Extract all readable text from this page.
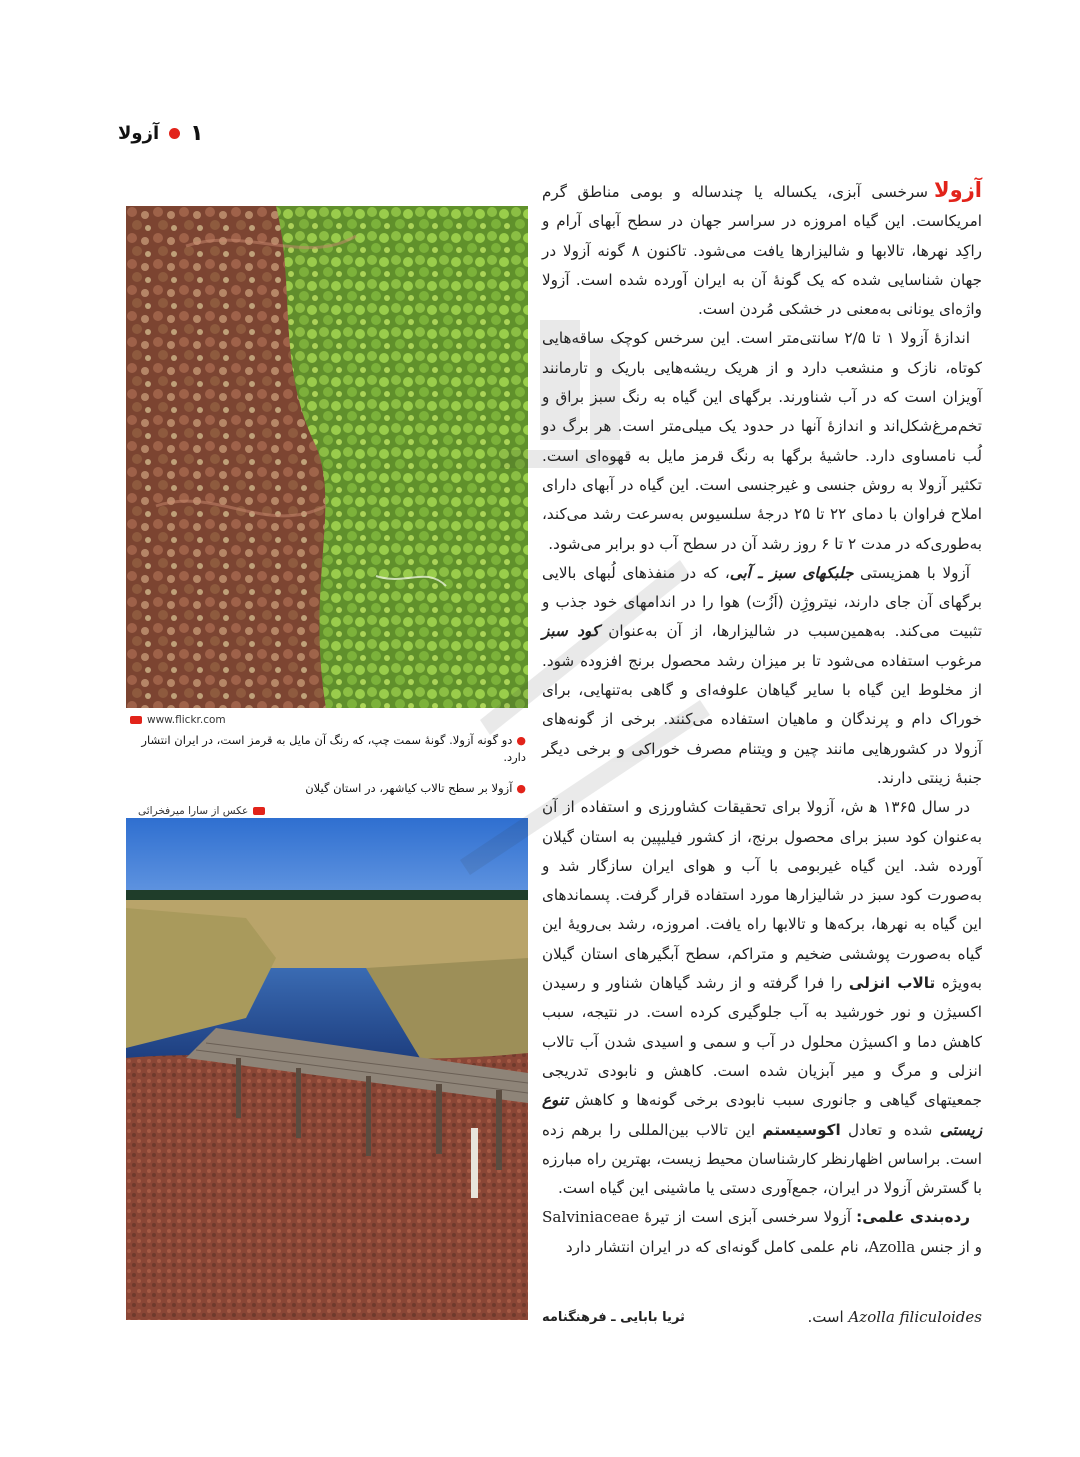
۱
آزولا
www.flickr.com
●دو گونه آزولا. گونهٔ سمت چپ، که رنگ آن مایل به قرمز است، در ایران انتشار دارد.
●آزولا بر سطح تالاب کیاشهر، در استان گیلان
عکس از سارا میرفخرائی

آزولاسرخسی آبزی، یکساله یا چندساله و بومی مناطق گرم امریکاست. این گیاه امروزه در سراسر جهان در سطح آبهای آرام و راکِد نهرها، تالابها و شالیزارها یافت می‌شود. تاکنون ۸ گونه آزولا در جهان شناسایی شده که یک گونهٔ آن به ایران آورده شده است. آزولا واژه‌ای یونانی به‌معنی در خشکی مُردن است.

اندازهٔ آزولا ۱ تا ۲/۵ سانتی‌متر است. این سرخس کوچک ساقه‌هایی کوتاه، نازک و منشعب دارد و از هریک ریشه‌هایی باریک و تارمانند آویزان است که در آب شناورند. برگهای این گیاه به رنگ سبز براق و تخم‌مرغ‌شکل‌اند و اندازهٔ آنها در حدود یک میلی‌متر است. هر برگ دو لُب نامساوی دارد. حاشیهٔ برگها به رنگ قرمز مایل به قهوه‌ای است. تکثیر آزولا به روش جنسی و غیرجنسی است. این گیاه در آبهای دارای املاح فراوان با دمای ۲۲ تا ۲۵ درجهٔ سلسیوس به‌سرعت رشد می‌کند، به‌طوری‌که در مدت ۲ تا ۶ روز رشد آن در سطح آب دو برابر می‌شود.

آزولا با همزیستی جلبکهای سبز ـ آبی، که در منفذهای لُبهای بالایی برگهای آن جای دارند، نیتروژِن (اَزُت) هوا را در اندامهای خود جذب و تثبیت می‌کند. به‌همین‌سبب در شالیزارها، از آن به‌عنوان کود سبز مرغوب استفاده می‌شود تا بر میزان رشد محصول برنج افزوده شود. از مخلوط این گیاه با سایر گیاهان علوفه‌ای و گاهی به‌تنهایی، برای خوراک دام و پرندگان و ماهیان استفاده می‌کنند. برخی از گونه‌های آزولا در کشورهایی مانند چین و ویتنام مصرف خوراکی و برخی دیگر جنبهٔ زینتی دارند.

در سال ۱۳۶۵ ﻫ ش، آزولا برای تحقیقات کشاورزی و استفاده از آن به‌عنوان کود سبز برای محصول برنج، از کشور فیلیپین به استان گیلان آورده شد. این گیاه غیربومی با آب و هوای ایران سازگار شد و به‌صورت کود سبز در شالیزارها مورد استفاده قرار گرفت. پسماندهای این گیاه به نهرها، برکه‌ها و تالابها راه یافت. امروزه، رشد بی‌رویهٔ این گیاه به‌صورت پوششی ضخیم و متراکم، سطح آبگیرهای استان گیلان به‌ویژه تالاب انزلی را فرا گرفته و از رشد گیاهان شناور و رسیدن اکسیژن و نور خورشید به آب جلوگیری کرده است. در نتیجه، سبب کاهش دما و اکسیژن محلول در آب و سمی و اسیدی شدن آب تالاب انزلی و مرگ و میر آبزیان شده است. کاهش و نابودی تدریجی جمعیتهای گیاهی و جانوری سبب نابودی برخی گونه‌ها و کاهش تنوع زیستی شده و تعادل اکوسیستم این تالاب بین‌المللی را برهم زده است. براساس اظهارنظر کارشناسان محیط زیست، بهترین راه مبارزه با گسترش آزولا در ایران، جمع‌آوری دستی یا ماشینی این گیاه است.

رده‌بندی علمی: آزولا سرخسی آبزی است از تیرهٔ Salviniaceae و از جنس Azolla، نام علمی کامل گونه‌ای که در ایران انتشار دارد

Azolla filiculoides است.
ثریا بابایی ـ فرهنگنامه
